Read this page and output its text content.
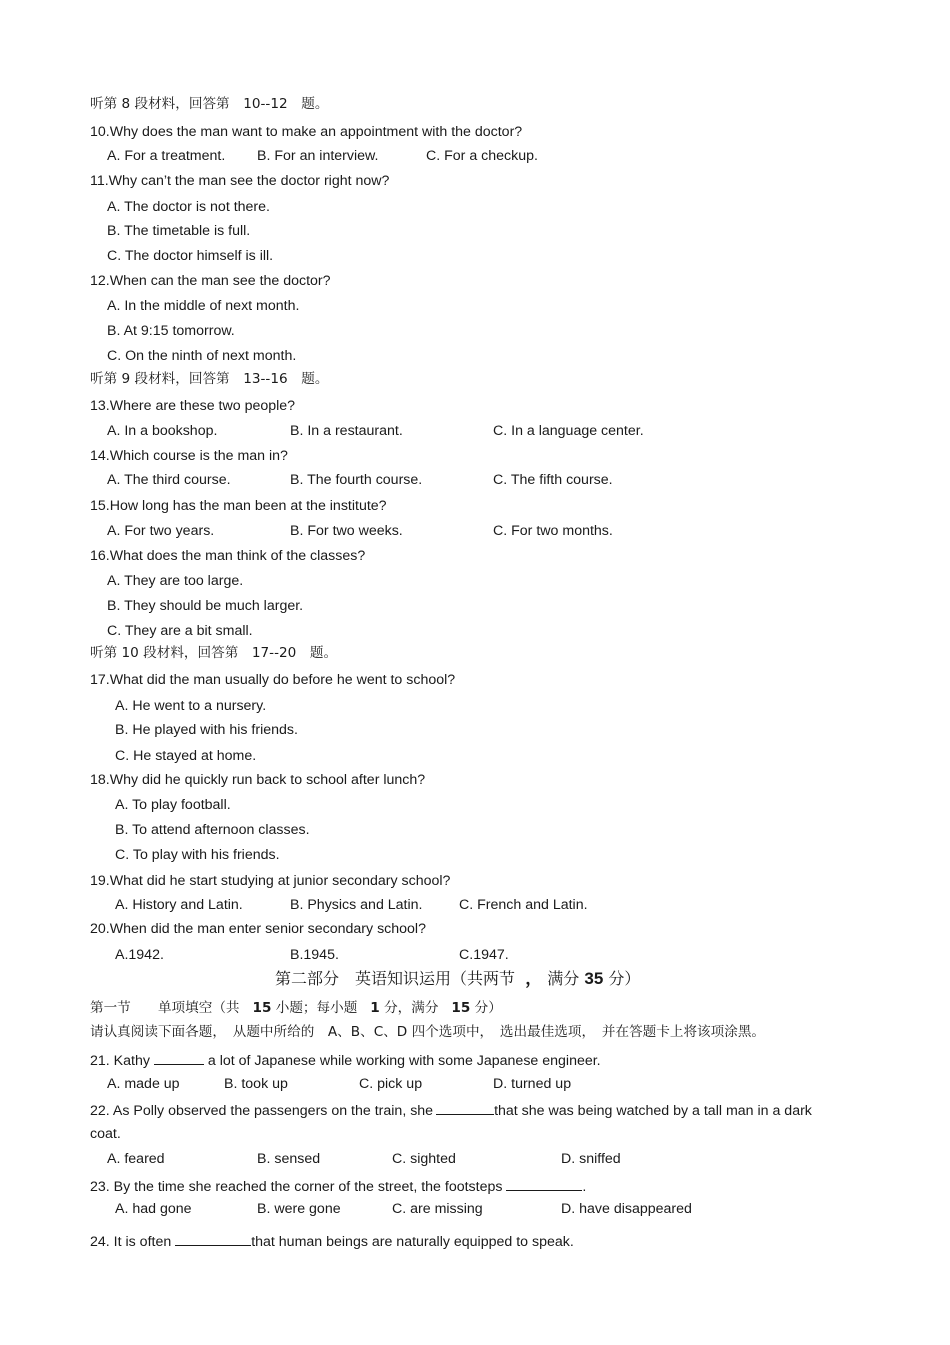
听第 8 段材料，回答第　10--12　题。
10.Why does the man want to make an appointment with the doctor?
A. For a treatment. B. For an interview.	C. For a checkup.
11.Why can’t the man see the doctor right now?
A. The doctor is not there.
B. The timetable is full.
C. The doctor himself is ill.
12.When can the man see the doctor?
A. In the middle of next month.
B. At 9:15 tomorrow.
C. On the ninth of next month.
听第 9 段材料，回答第　13--16　题。
13.Where are these two people?
A. In a bookshop.	B. In a restaurant.	C. In a language center.
14.Which course is the man in?
A. The third course.	B. The fourth course.	C. The fifth course.
15.How long has the man been at the institute?
A. For two years.	B. For two weeks.	C. For two months.
16.What does the man think of the classes?
A. They are too large.
B. They should be much larger.
C. They are a bit small.
听第 10 段材料，回答第　17--20　题。
17.What did the man usually do before he went to school?
A. He went to a nursery.
B. He played with his friends.
C. He stayed at home.
18.Why did he quickly run back to school after lunch?
A. To play football.
B. To attend afternoon classes.
C. To play with his friends.
19.What did he start studying at junior secondary school?
A. History and Latin.	B. Physics and Latin.	C. French and Latin.
20.When did the man enter senior secondary school?
A.1942.	B.1945.	C.1947.
第二部分　英语知识运用（共两节 ， 满分 35 分）
第一节　　单项填空（共 15 小题；每小题 1 分，满分 15 分）
请认真阅读下面各题，　从题中所给的　A、B、C、D 四个选项中，　选出最佳选项，　并在答题卡上将该项涂黑。
21. Kathy	a lot of Japanese while working with some Japanese engineer.
A. made up	B. took up	C. pick up	D. turned up
22. As Polly observed the passengers on the train, she	that she was being watched by a tall man in a dark
coat.
A. feared	B. sensed	C. sighted	D. sniffed
23. By the time she reached the corner of the street, the footsteps	.
A. had gone	B. were gone	C. are missing	D. have disappeared
24. It is often	that human beings are naturally equipped to speak.
